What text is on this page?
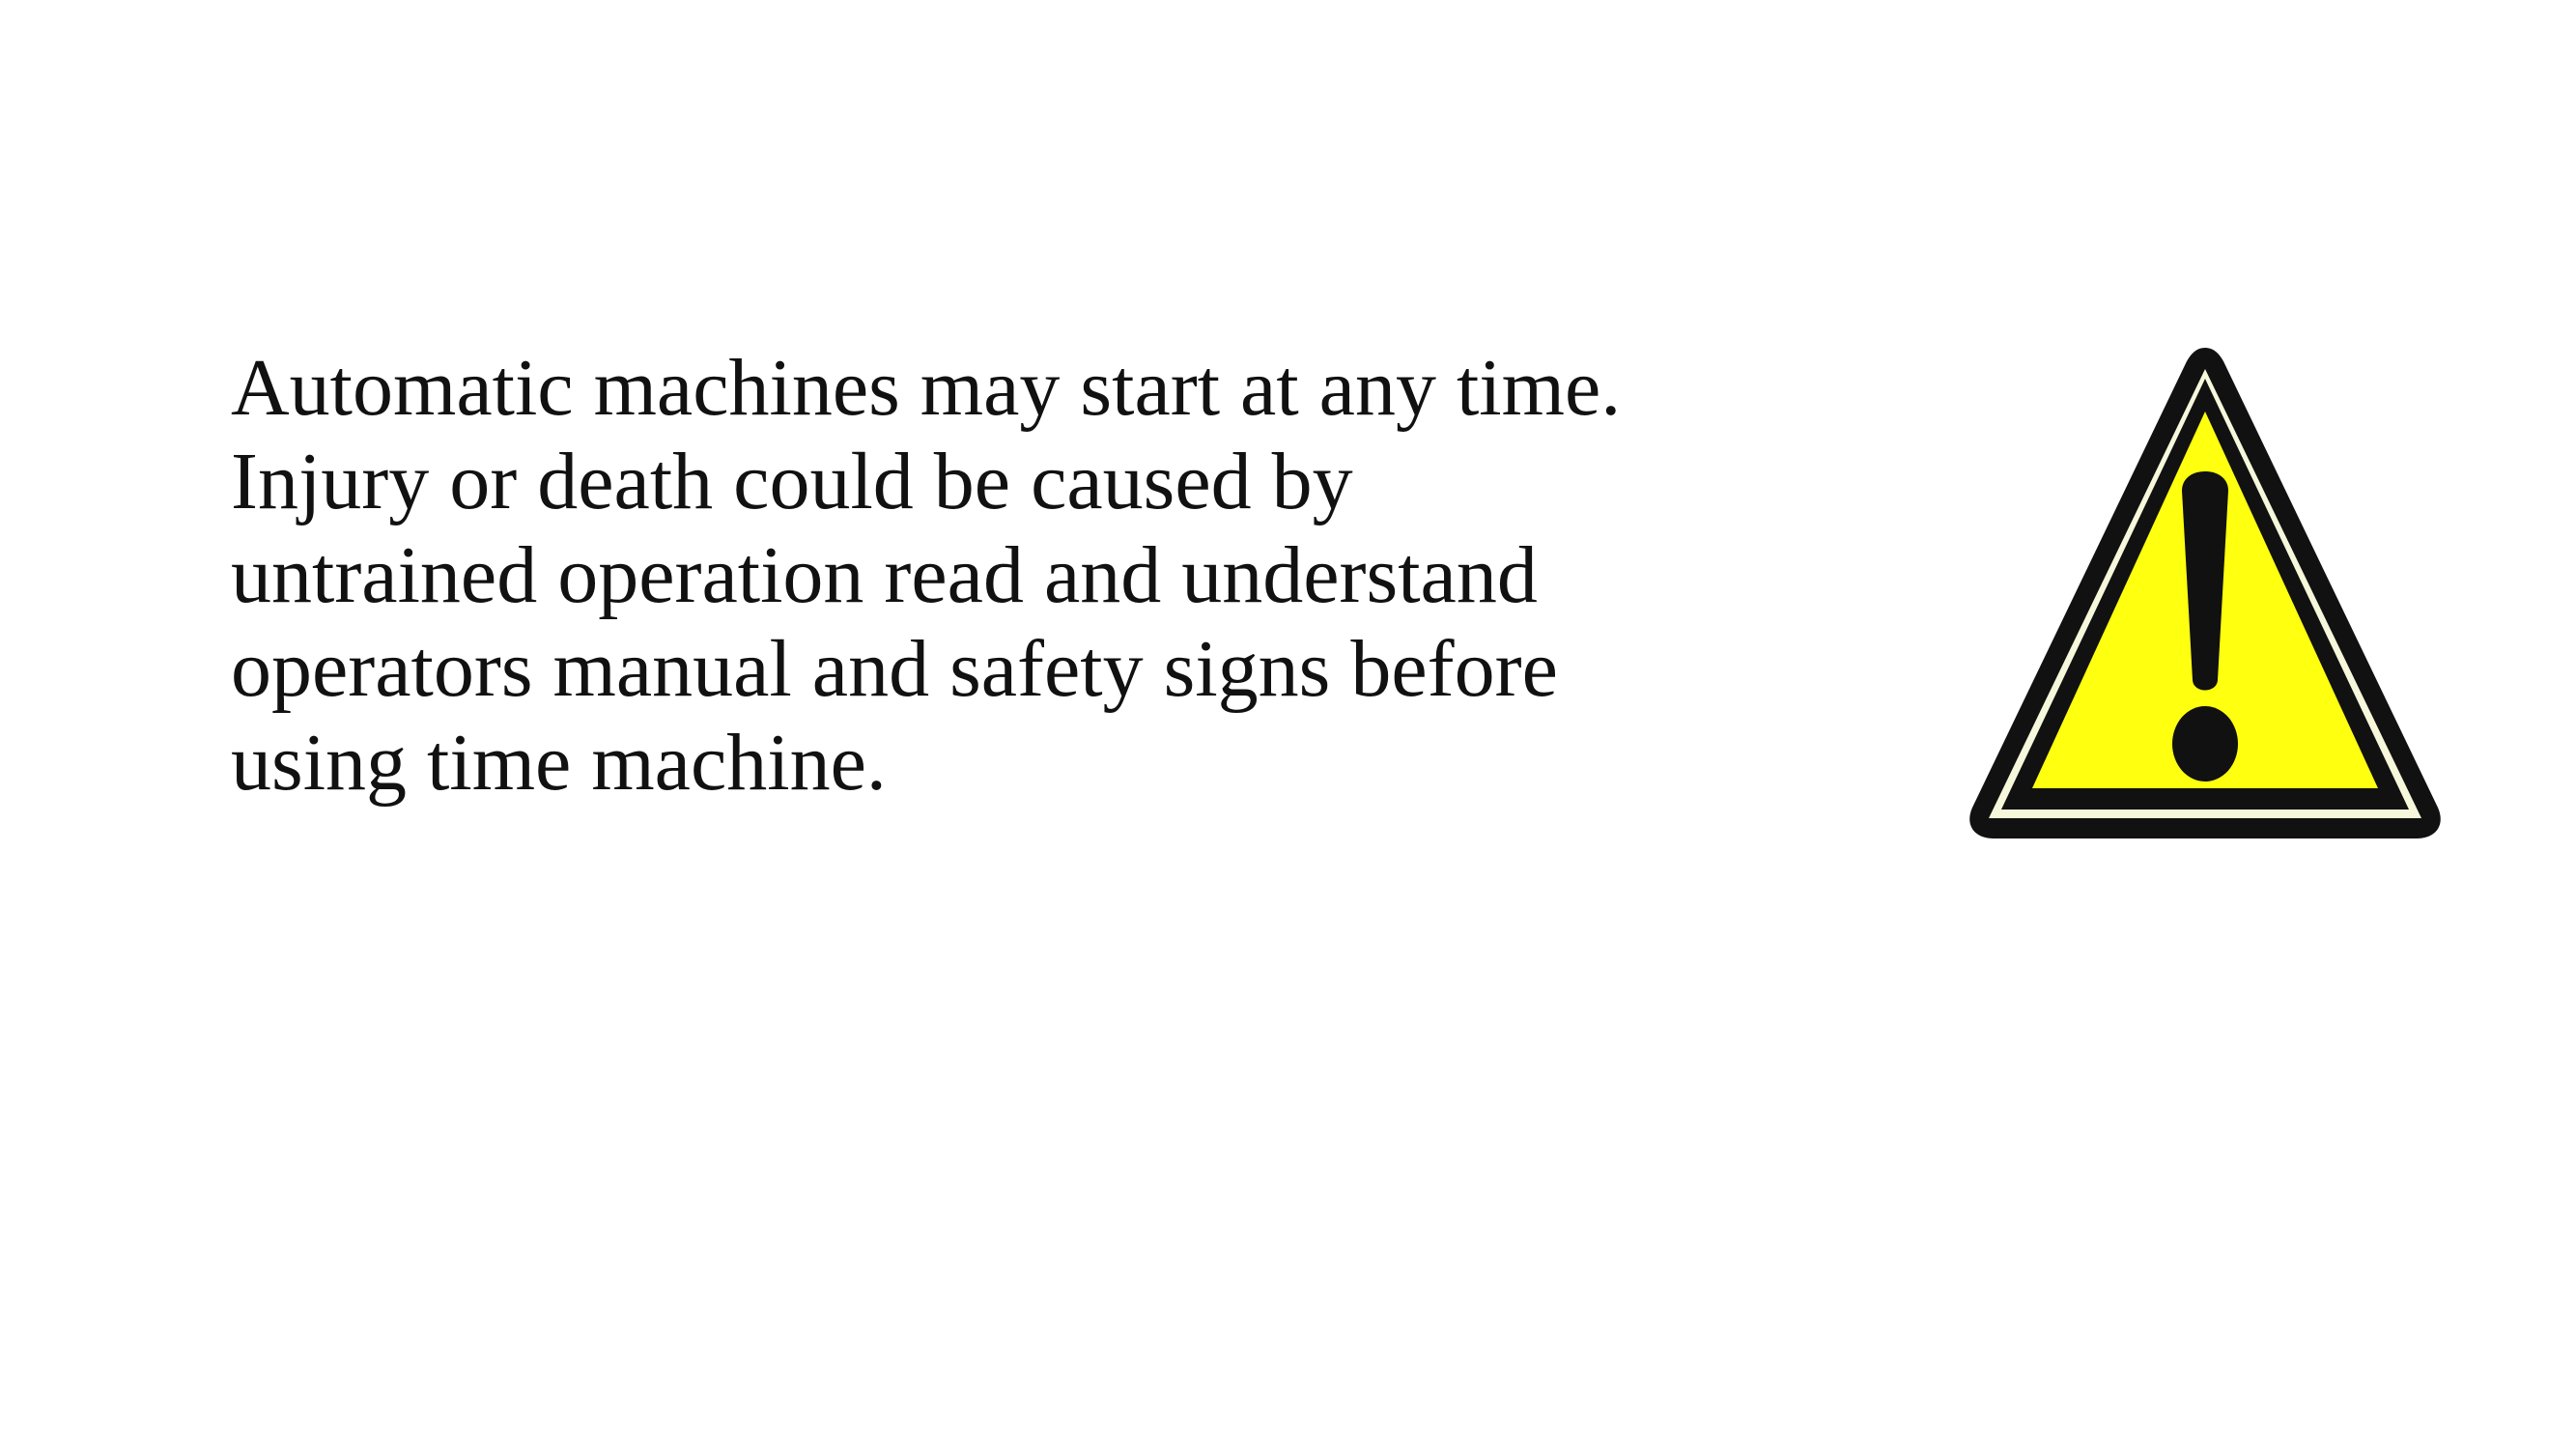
Automatic machines may start at any time.
Injury or death could be caused by
untrained operation read and understand
operators manual and safety signs before
using time machine.
